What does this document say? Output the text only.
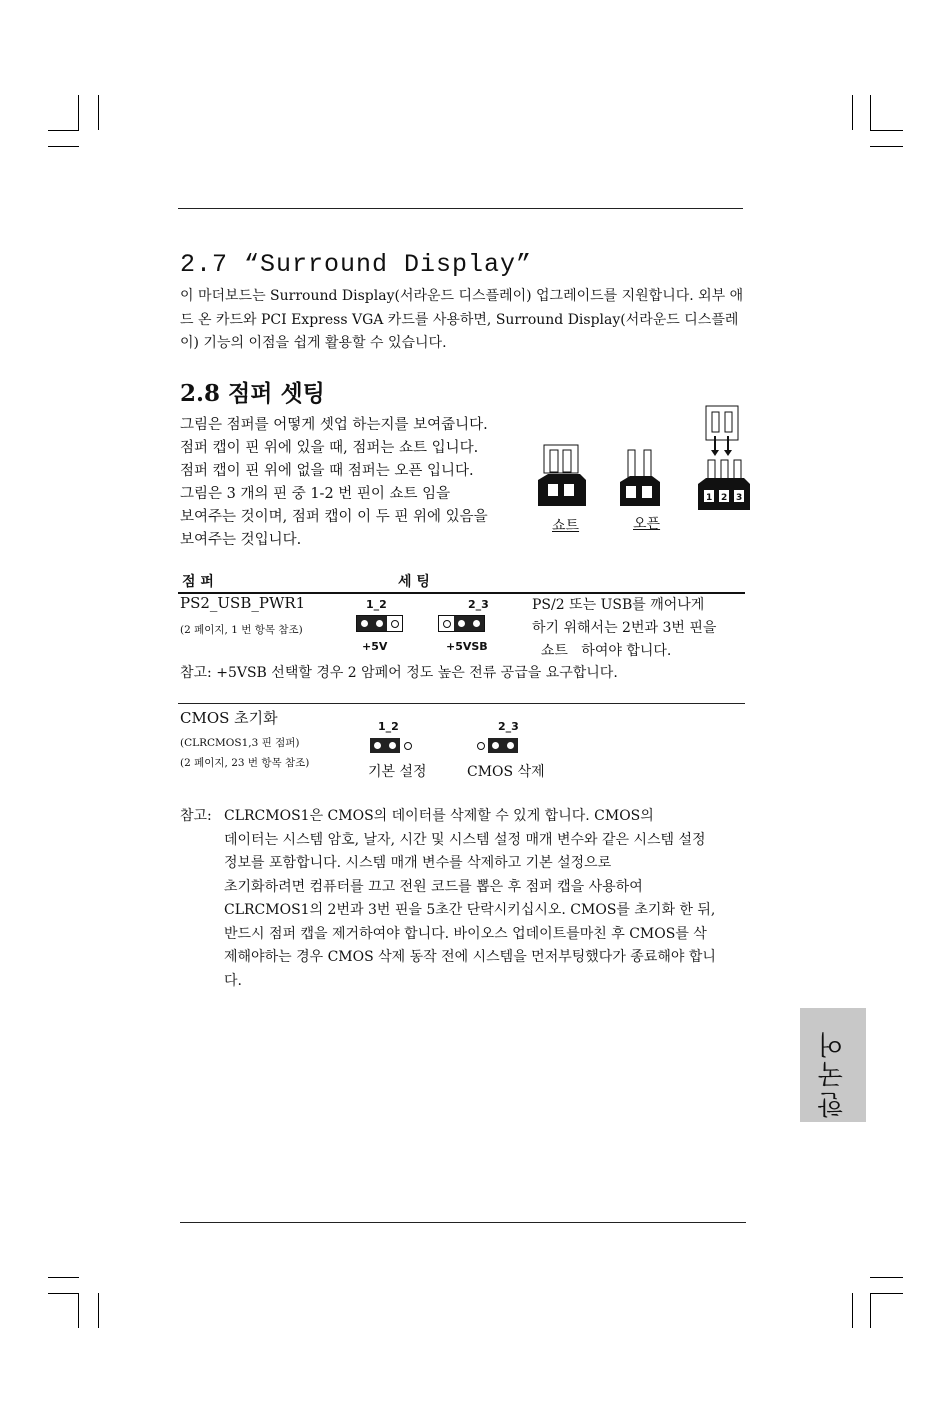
2.7 “Surround Display”

이 마더보드는 Surround Display(서라운드 디스플레이) 업그레이드를 지원합니다. 외부 애드 온 카드와 PCI Express VGA 카드를 사용하면, Surround Display(서라운드 디스플레이) 기능의 이점을 쉽게 활용할 수 있습니다.

2.8 점퍼 셋팅
그림은 점퍼를 어떻게 셋업 하는지를 보여줍니다.
점퍼 캡이 핀 위에 있을 때, 점퍼는 쇼트 입니다.
점퍼 캡이 핀 위에 없을 때 점퍼는 오픈 입니다.
그림은 3 개의 핀 중 1-2 번 핀이 쇼트 임을
보여주는 것이며, 점퍼 캡이 이 두 핀 위에 있음을
보여주는 것입니다.
1 2 3
쇼트	오픈
점 퍼	세 팅
PS2_USB_PWR1
(2 페이지, 1 번 항목 참조)
1_2
+5V
2_3
+5VSB
PS/2 또는 USB를 깨어나게
하기 위해서는 2번과 3번 핀을
쇼트   하여야 합니다.
참고: +5VSB 선택할 경우 2 암페어 정도 높은 전류 공급을 요구합니다.
CMOS 초기화
(CLRCMOS1,3 핀 점퍼)
(2 페이지, 23 번 항목 참조)
1_2
기본 설정
2_3
CMOS 삭제
참고: CLRCMOS1은 CMOS의 데이터를 삭제할 수 있게 합니다. CMOS의
데이터는 시스템 암호, 날자, 시간 및 시스템 설정 매개 변수와 같은 시스템 설정
정보를 포함합니다. 시스템 매개 변수를 삭제하고 기본 설정으로
초기화하려면 컴퓨터를 끄고 전원 코드를 뽑은 후 점퍼 캡을 사용하여
CLRCMOS1의 2번과 3번 핀을 5초간 단락시키십시오. CMOS를 초기화 한 뒤,
반드시 점퍼 캡을 제거하여야 합니다. 바이오스 업데이트를마친 후 CMOS를 삭
제해야하는 경우 CMOS 삭제 동작 전에 시스템을 먼저부팅했다가 종료해야 합니
다.
한국어
